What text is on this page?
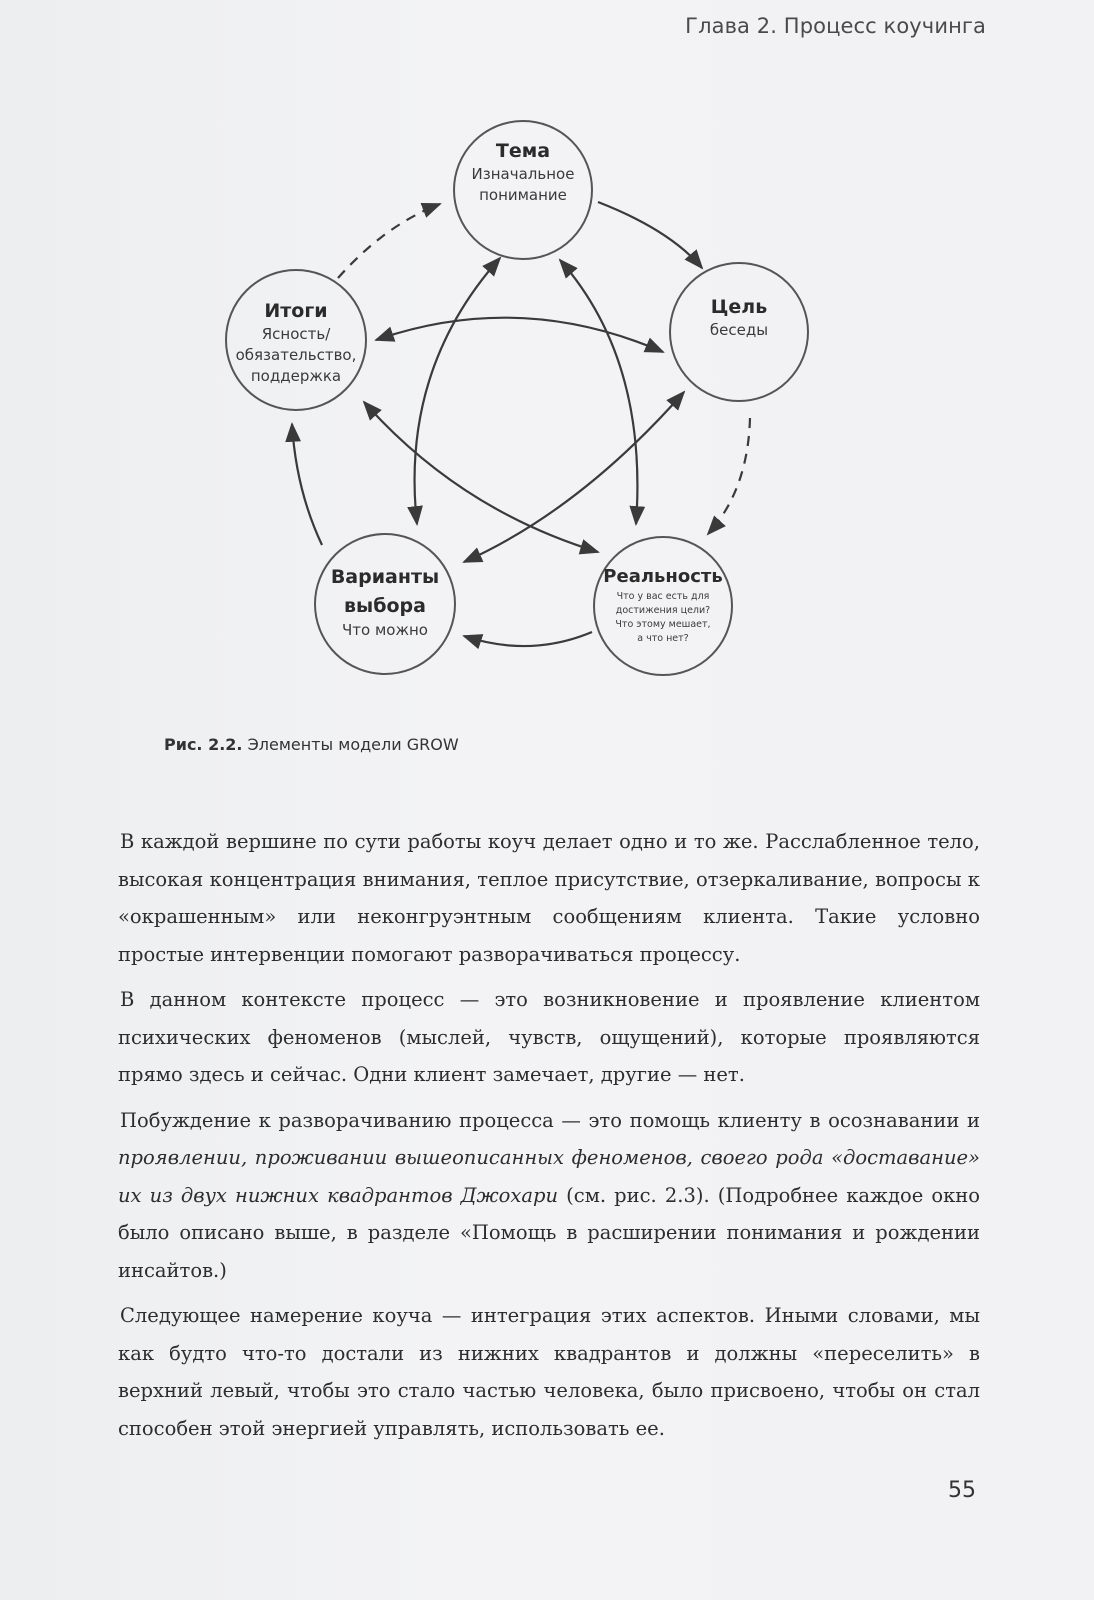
Глава 2. Процесс коучинга
Тема
Изначальное
понимание
Цель
беседы
Итоги
Ясность/
обязательство,
поддержка
Варианты
выбора
Что можно
Реальность
Что у вас есть для
достижения цели?
Что этому мешает,
а что нет?
Рис. 2.2. Элементы модели GROW

В каждой вершине по сути работы коуч делает одно и то же. Расслабленное тело, высокая концентрация внимания, теплое присутствие, отзеркаливание, вопросы к «окрашенным» или неконгруэнтным сообщениям клиента. Такие условно простые интервенции помогают разворачиваться процессу.

В данном контексте процесс — это возникновение и проявление клиентом психических феноменов (мыслей, чувств, ощущений), которые проявляются прямо здесь и сейчас. Одни клиент замечает, другие — нет.

Побуждение к разворачиванию процесса — это помощь клиенту в осознавании и проявлении, проживании вышеописанных феноменов, своего рода «доставание» их из двух нижних квадрантов Джохари (см. рис. 2.3). (Подробнее каждое окно было описано выше, в разделе «Помощь в расширении понимания и рождении инсайтов.)

Следующее намерение коуча — интеграция этих аспектов. Иными словами, мы как будто что-то достали из нижних квадрантов и должны «переселить» в верхний левый, чтобы это стало частью человека, было присвоено, чтобы он стал способен этой энергией управлять, использовать ее.

55
